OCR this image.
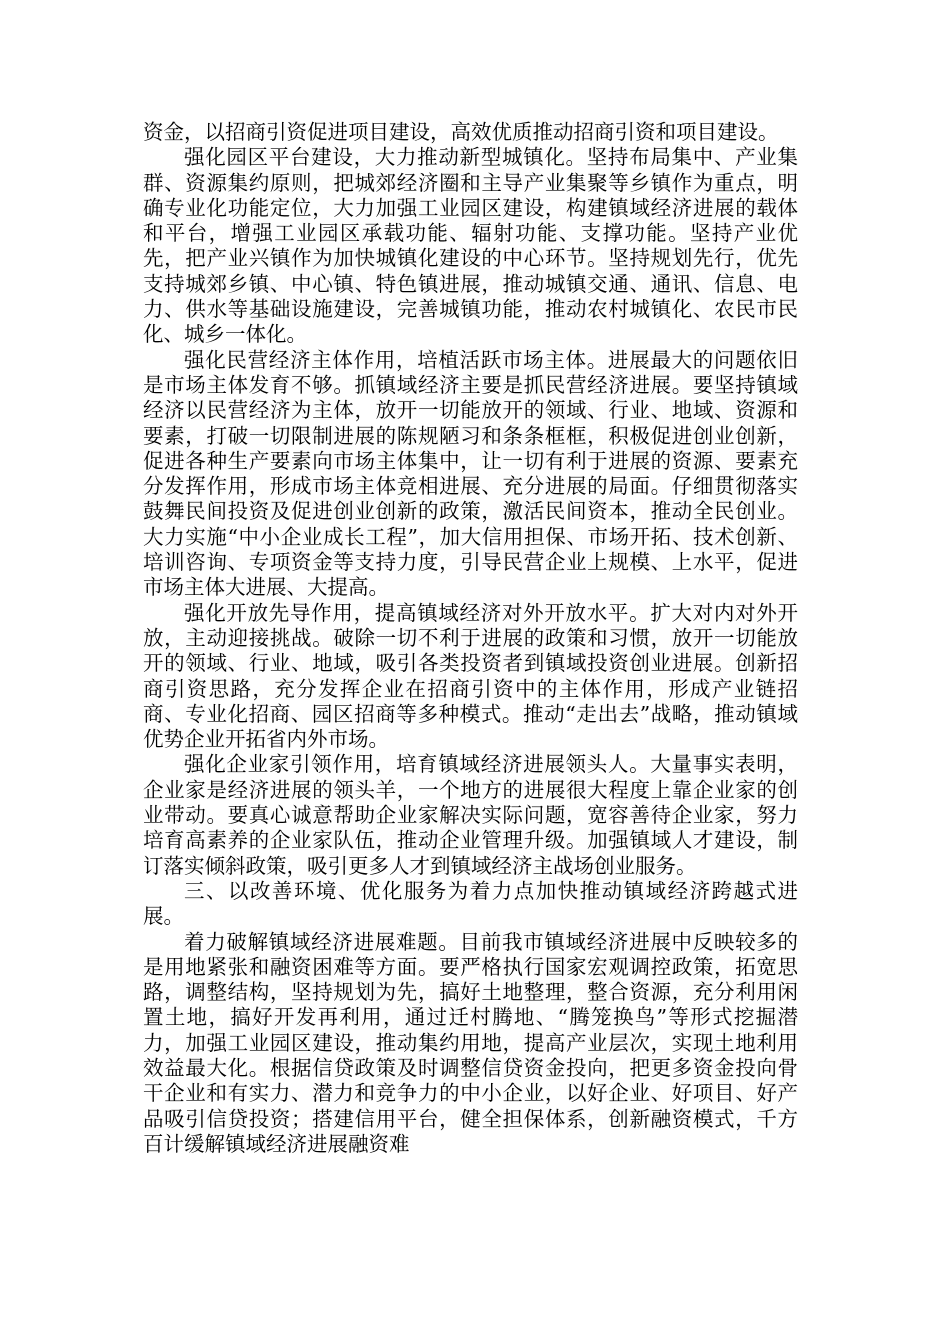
资金，以招商引资促进项目建设，高效优质推动招商引资和项目建设。

强化园区平台建设，大力推动新型城镇化。坚持布局集中、产业集群、资源集约原则，把城郊经济圈和主导产业集聚等乡镇作为重点，明确专业化功能定位，大力加强工业园区建设，构建镇域经济进展的载体和平台，增强工业园区承载功能、辐射功能、支撑功能。坚持产业优先，把产业兴镇作为加快城镇化建设的中心环节。坚持规划先行，优先支持城郊乡镇、中心镇、特色镇进展，推动城镇交通、通讯、信息、电力、供水等基础设施建设，完善城镇功能，推动农村城镇化、农民市民化、城乡一体化。

强化民营经济主体作用，培植活跃市场主体。进展最大的问题依旧是市场主体发育不够。抓镇域经济主要是抓民营经济进展。要坚持镇域经济以民营经济为主体，放开一切能放开的领域、行业、地域、资源和要素，打破一切限制进展的陈规陋习和条条框框，积极促进创业创新，促进各种生产要素向市场主体集中，让一切有利于进展的资源、要素充分发挥作用，形成市场主体竞相进展、充分进展的局面。仔细贯彻落实鼓舞民间投资及促进创业创新的政策，激活民间资本，推动全民创业。大力实施“中小企业成长工程”，加大信用担保、市场开拓、技术创新、培训咨询、专项资金等支持力度，引导民营企业上规模、上水平，促进市场主体大进展、大提高。

强化开放先导作用，提高镇域经济对外开放水平。扩大对内对外开放，主动迎接挑战。破除一切不利于进展的政策和习惯，放开一切能放开的领域、行业、地域，吸引各类投资者到镇域投资创业进展。创新招商引资思路，充分发挥企业在招商引资中的主体作用，形成产业链招商、专业化招商、园区招商等多种模式。推动“走出去”战略，推动镇域优势企业开拓省内外市场。

强化企业家引领作用，培育镇域经济进展领头人。大量事实表明，企业家是经济进展的领头羊，一个地方的进展很大程度上靠企业家的创业带动。要真心诚意帮助企业家解决实际问题，宽容善待企业家，努力培育高素养的企业家队伍，推动企业管理升级。加强镇域人才建设，制订落实倾斜政策，吸引更多人才到镇域经济主战场创业服务。

三、以改善环境、优化服务为着力点加快推动镇域经济跨越式进展。

着力破解镇域经济进展难题。目前我市镇域经济进展中反映较多的是用地紧张和融资困难等方面。要严格执行国家宏观调控政策，拓宽思路，调整结构，坚持规划为先，搞好土地整理，整合资源，充分利用闲置土地，搞好开发再利用，通过迁村腾地、“腾笼换鸟”等形式挖掘潜力，加强工业园区建设，推动集约用地，提高产业层次，实现土地利用效益最大化。根据信贷政策及时调整信贷资金投向，把更多资金投向骨干企业和有实力、潜力和竞争力的中小企业，以好企业、好项目、好产品吸引信贷投资；搭建信用平台，健全担保体系，创新融资模式，千方百计缓解镇域经济进展融资难
